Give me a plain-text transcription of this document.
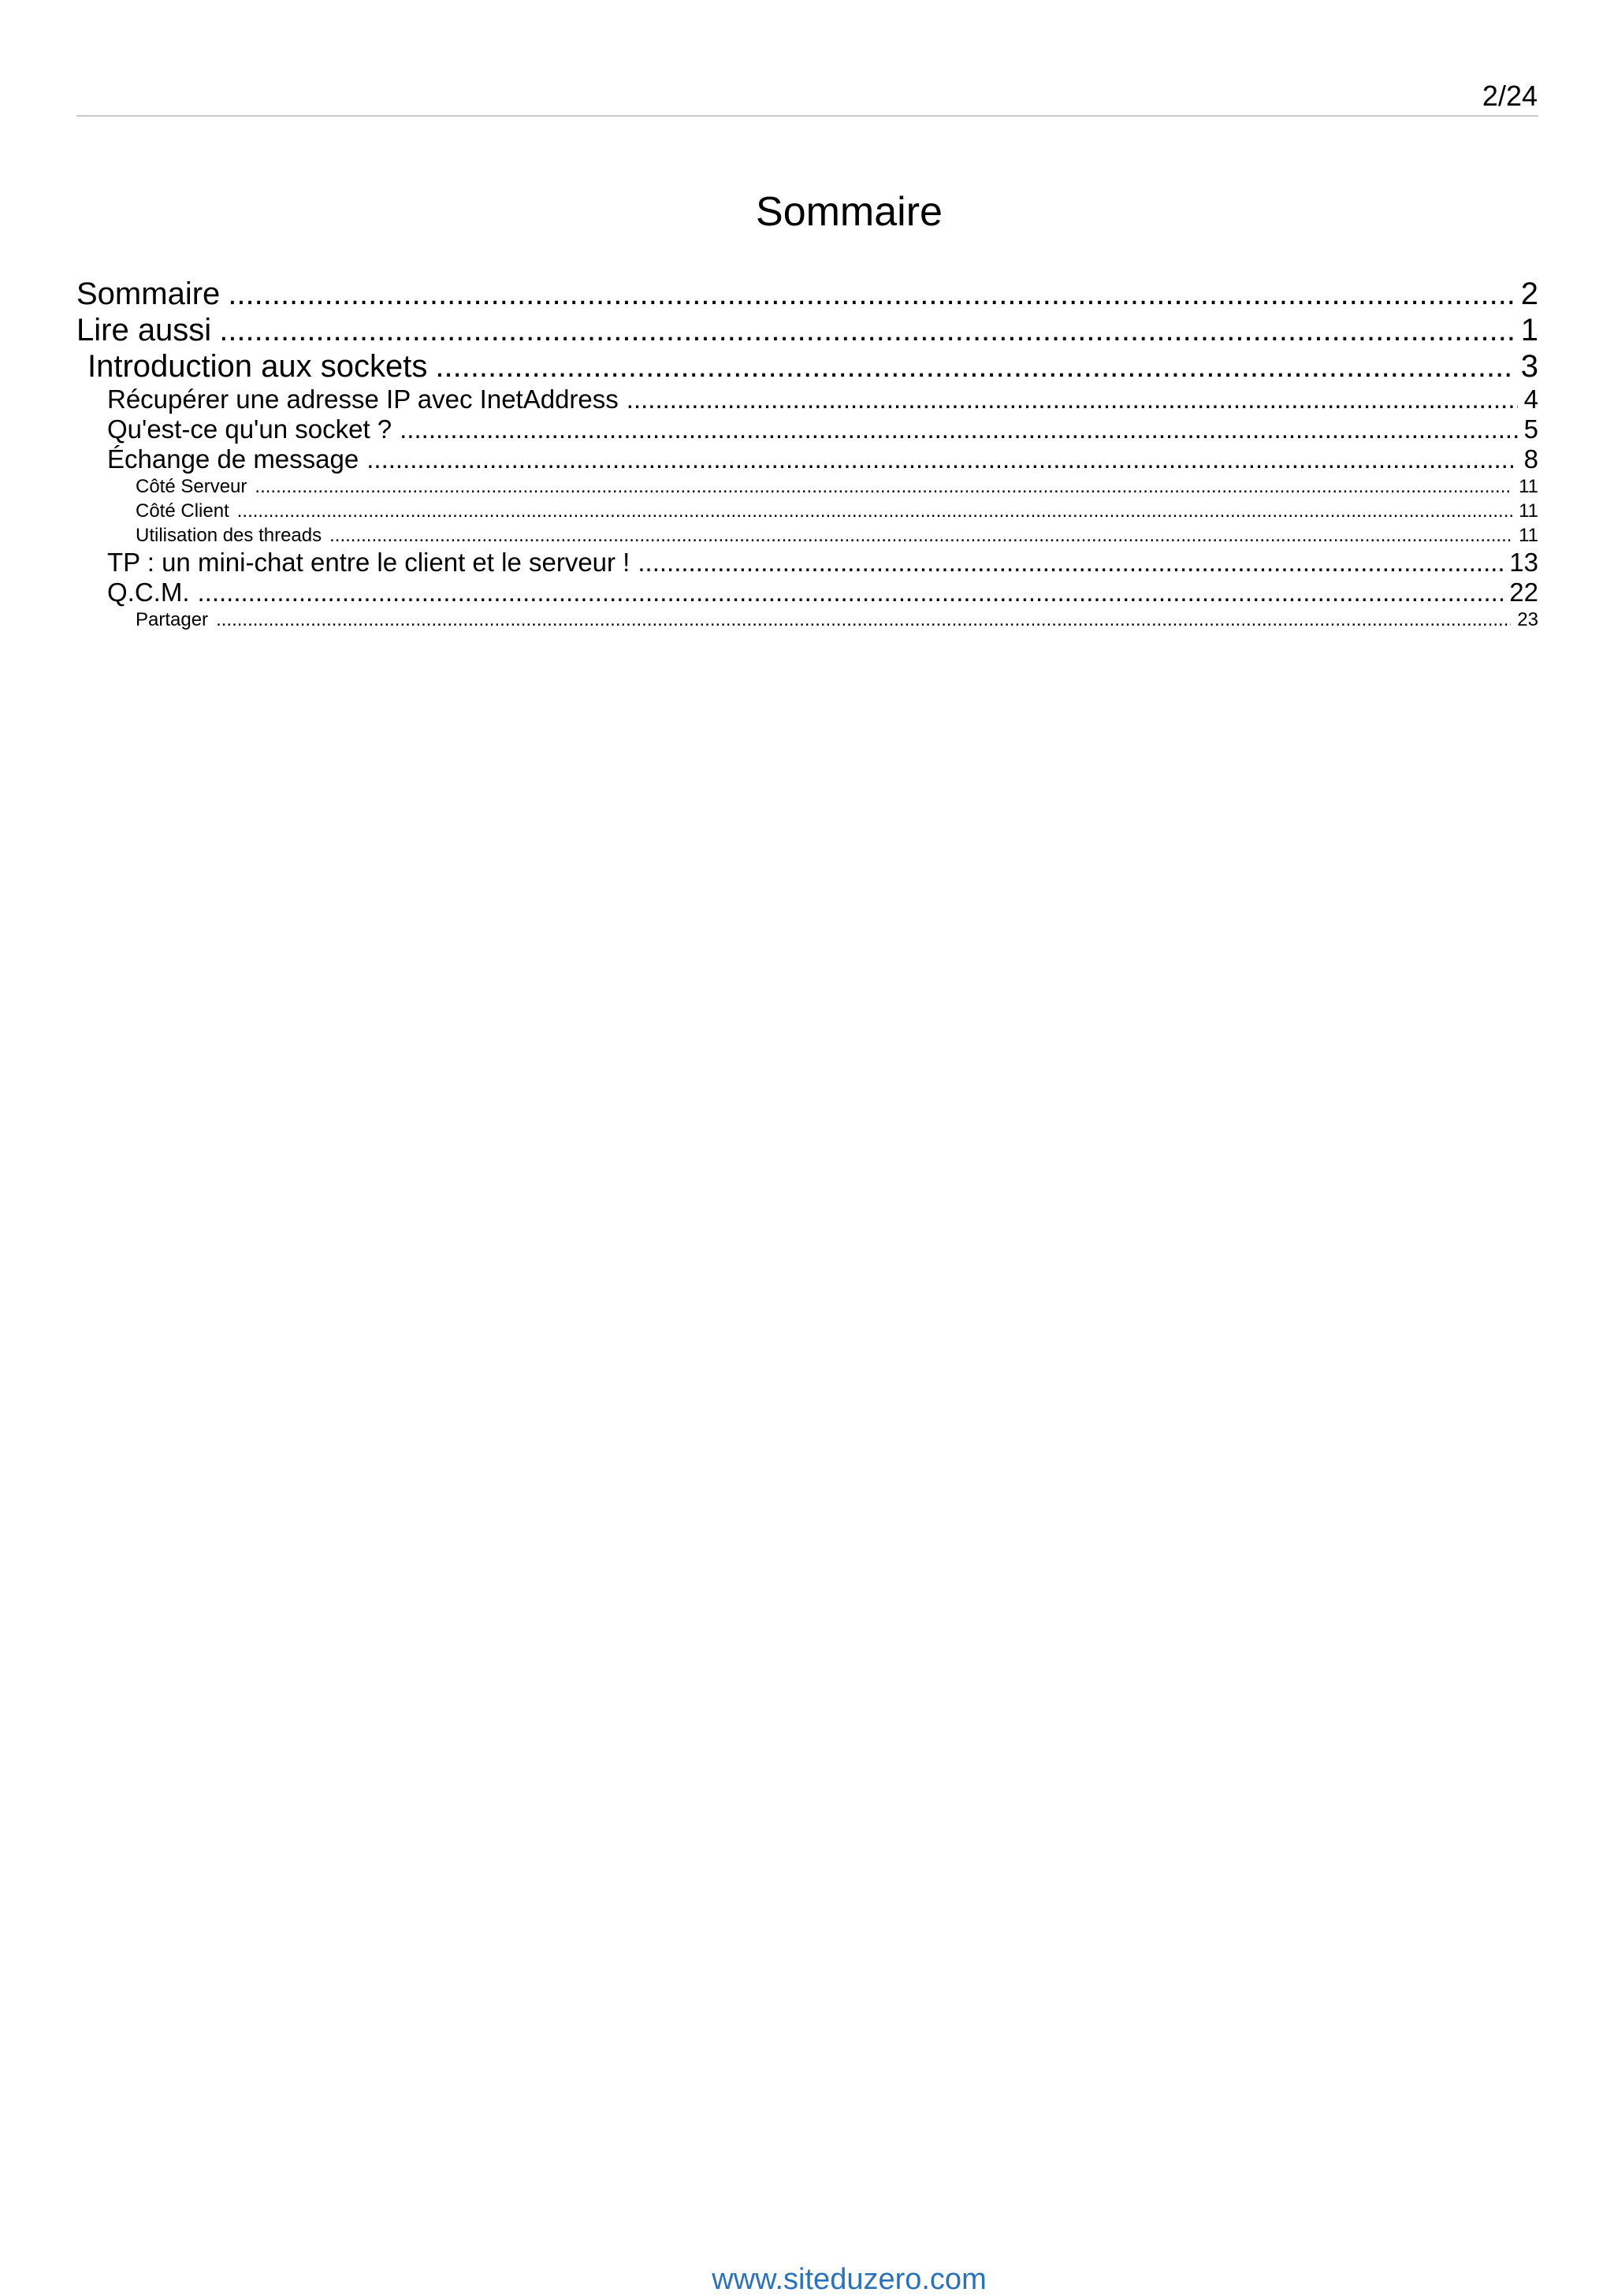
2/24
Sommaire
Sommaire .....	2
Lire aussi .....	1
Introduction aux sockets .....	3
Récupérer une adresse IP avec InetAddress .....	4
Qu'est-ce qu'un socket ? .....	5
Échange de message .....	8
Côté Serveur .....	11
Côté Client .....	11
Utilisation des threads .....	11
TP : un mini-chat entre le client et le serveur ! .....	13
Q.C.M. .....	22
Partager .....	23
www.siteduzero.com
